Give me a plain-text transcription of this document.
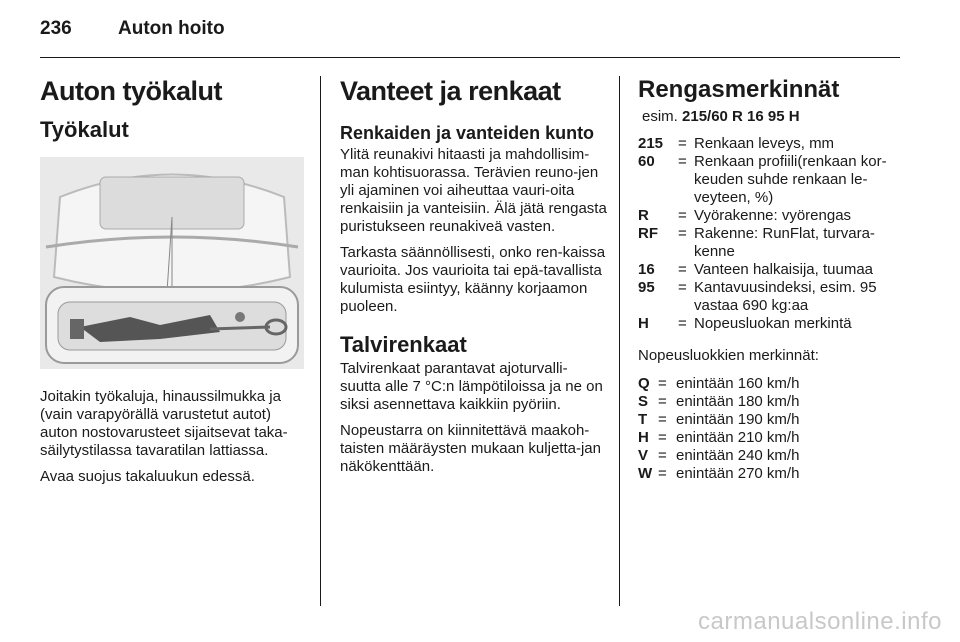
236 Auton hoito
Auton työkalut
Työkalut

Joitakin työkaluja, hinaussilmukka ja (vain varapyörällä varustetut autot) auton nostovarusteet sijaitsevat taka-säilytystilassa tavaratilan lattiassa.

Avaa suojus takaluukun edessä.

Vanteet ja renkaat
Renkaiden ja vanteiden kunto

Ylitä reunakivi hitaasti ja mahdollisim-man kohtisuorassa. Terävien reuno-jen yli ajaminen voi aiheuttaa vauri-oita renkaisiin ja vanteisiin. Älä jätä rengasta puristukseen reunakiveä vasten.

Tarkasta säännöllisesti, onko ren-kaissa vaurioita. Jos vaurioita tai epä-tavallista kulumista esiintyy, käänny korjaamon puoleen.

Talvirenkaat

Talvirenkaat parantavat ajoturvalli-suutta alle 7 °C:n lämpötiloissa ja ne on siksi asennettava kaikkiin pyöriin.

Nopeustarra on kiinnitettävä maakoh-taisten määräysten mukaan kuljetta-jan näkökenttään.

Rengasmerkinnät
esim. 215/60 R 16 95 H
215	=	Renkaan leveys, mm
60	=	Renkaan profiili(renkaan kor-keuden suhde renkaan le-veyteen, %)
R	=	Vyörakenne: vyörengas
RF	=	Rakenne: RunFlat, turvara-kenne
16	=	Vanteen halkaisija, tuumaa
95	=	Kantavuusindeksi, esim. 95 vastaa 690 kg:aa
H	=	Nopeusluokan merkintä

Nopeusluokkien merkinnät:

Q	=	enintään 160 km/h
S	=	enintään 180 km/h
T	=	enintään 190 km/h
H	=	enintään 210 km/h
V	=	enintään 240 km/h
W	=	enintään 270 km/h
carmanualsonline.info
